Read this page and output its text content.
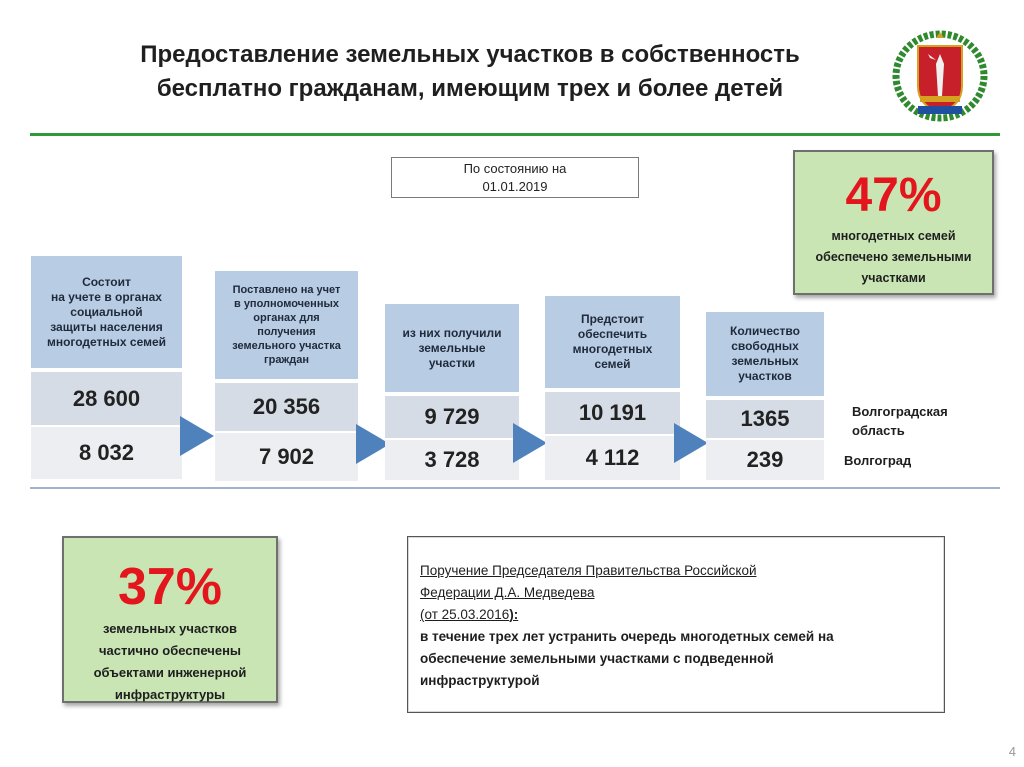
Предоставление земельных участков в собственность
бесплатно гражданам, имеющим трех и более детей
По состоянию на
01.01.2019	47%
многодетных семей
обеспечено земельными
участками
Состоит
на учете в органах
социальной
защиты населения
многодетных семей
28 600
8 032
Поставлено на учет
в уполномоченных
органах для
получения
земельного участка
граждан
20 356
7 902
из них получили
земельные
участки
9 729
3 728
Предстоит
обеспечить
многодетных
семей
10 191
4 112
Количество
свободных
земельных
участков
1365
239
Волгоградская
область
Волгоград
37%
земельных участков
частично обеспечены
объектами инженерной
инфраструктуры
Поручение Председателя Правительства Российской
Федерации Д.А. Медведева
(от 25.03.2016):
в течение трех лет устранить очередь многодетных семей на
обеспечение земельными участками с подведенной
инфраструктурой
4
